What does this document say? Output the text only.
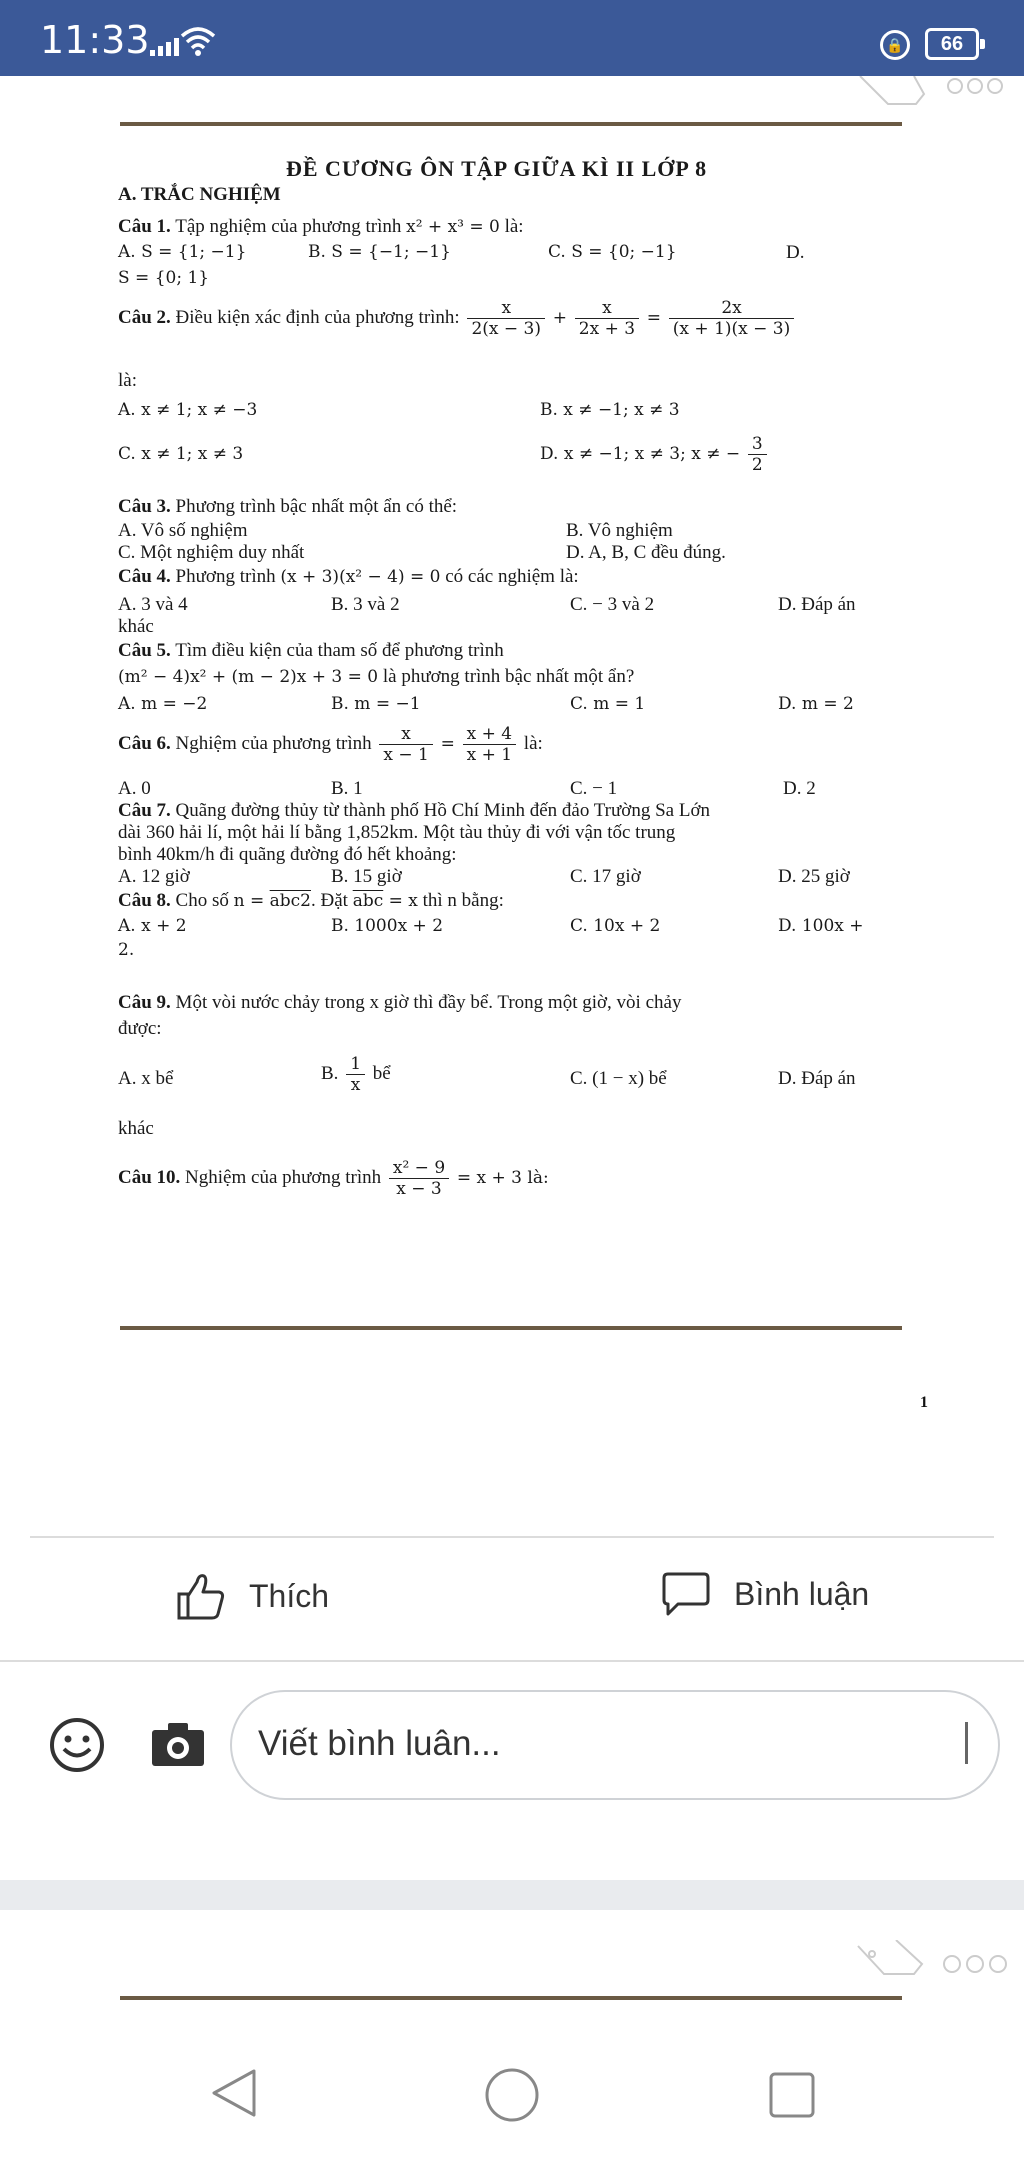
11:33	🔒	66
ĐỀ CƯƠNG ÔN TẬP GIỮA KÌ II LỚP 8
A. TRẮC NGHIỆM
Câu 1. Tập nghiệm của phương trình x² + x³ = 0 là:
A. S = {1; −1}	B. S = {−1; −1}	C. S = {0; −1}	D.
S = {0; 1}
Câu 2. Điều kiện xác định của phương trình: $\frac{x}{2(x - 3)} + \frac{x}{2x + 3} = \frac{2x}{(x + 1)(x - 3)}$
là:
A. x ≠ 1; x ≠ −3	B. x ≠ −1; x ≠ 3
C. x ≠ 1; x ≠ 3	D. x ≠ −1; x ≠ 3; x ≠ − $\frac{3}{2}$
Câu 3. Phương trình bậc nhất một ẩn có thể:
A. Vô số nghiệm	B. Vô nghiệm
C. Một nghiệm duy nhất	D. A, B, C đều đúng.
Câu 4. Phương trình (x + 3)(x² − 4) = 0 có các nghiệm là:
A. 3 và 4	B. 3 và 2	C. − 3 và 2	D. Đáp án
khác
Câu 5. Tìm điều kiện của tham số để phương trình
(m² − 4)x² + (m − 2)x + 3 = 0 là phương trình bậc nhất một ẩn?
A. m = −2	B. m = −1	C. m = 1	D. m = 2
Câu 6. Nghiệm của phương trình $\frac{x}{x - 1} = \frac{x + 4}{x + 1}$ là:
A. 0	B. 1	C. − 1	D. 2
Câu 7. Quãng đường thủy từ thành phố Hồ Chí Minh đến đảo Trường Sa Lớn
dài 360 hải lí, một hải lí bằng 1,852km. Một tàu thủy đi với vận tốc trung
bình 40km/h đi quãng đường đó hết khoảng:
A. 12 giờ	B. 15 giờ	C. 17 giờ	D. 25 giờ
Câu 8. Cho số n = abc2. Đặt $\overline{abc} = x$ thì n bằng:
A. x + 2	B. 1000x + 2	C. 10x + 2	D. 100x +
2.
Câu 9. Một vòi nước chảy trong x giờ thì đầy bể. Trong một giờ, vòi chảy
được:
A. x bể	B. $\frac{1}{x}$ bể	C. (1 − x) bể	D. Đáp án
khác
Câu 10. Nghiệm của phương trình $\frac{\text{x² − 9}}{x - 3} = x + 3$ là:
1
Thích	Bình luận
Viết bình luân...
